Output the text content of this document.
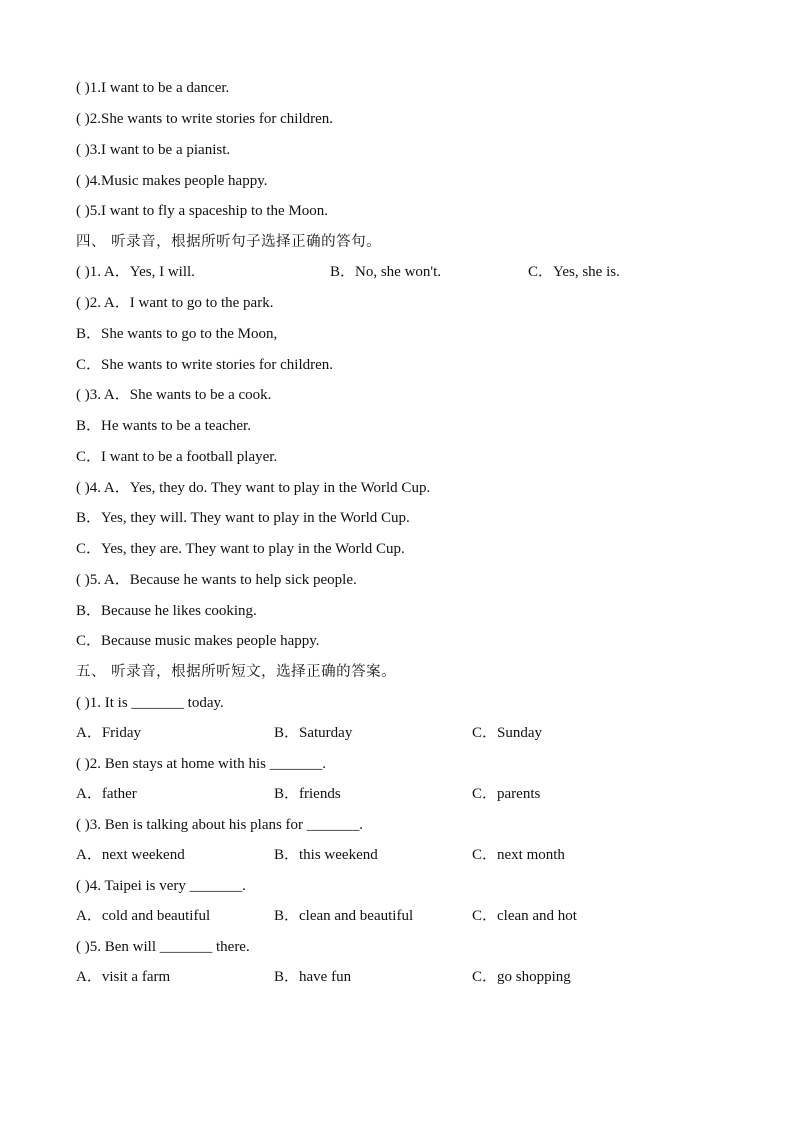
( )1.I want to be a dancer.
( )2.She wants to write stories for children.
( )3.I want to be a pianist.
( )4.Music makes people happy.
( )5.I want to fly a spaceship to the Moon.
四、 听录音，根据所听句子选择正确的答句。
( )1. A．Yes, I will.	B．No, she won't.	C．Yes, she is.
( )2. A．I want to go to the park.
B．She wants to go to the Moon,
C．She wants to write stories for children.
( )3. A．She wants to be a cook.
B．He wants to be a teacher.
C．I want to be a football player.
( )4. A．Yes, they do. They want to play in the World Cup.
B．Yes, they will. They want to play in the World Cup.
C．Yes, they are. They want to play in the World Cup.
( )5. A．Because he wants to help sick people.
B．Because he likes cooking.
C．Because music makes people happy.
五、 听录音，根据所听短文，选择正确的答案。
( )1. It is _______ today.
A．Friday	B．Saturday	C．Sunday
( )2. Ben stays at home with his _______.
A．father	B．friends	C．parents
( )3. Ben is talking about his plans for _______.
A．next weekend	B．this weekend	C．next month
( )4. Taipei is very _______.
A．cold and beautiful	B．clean and beautiful	C．clean and hot
( )5. Ben will _______ there.
A．visit a farm	B．have fun	C．go shopping
